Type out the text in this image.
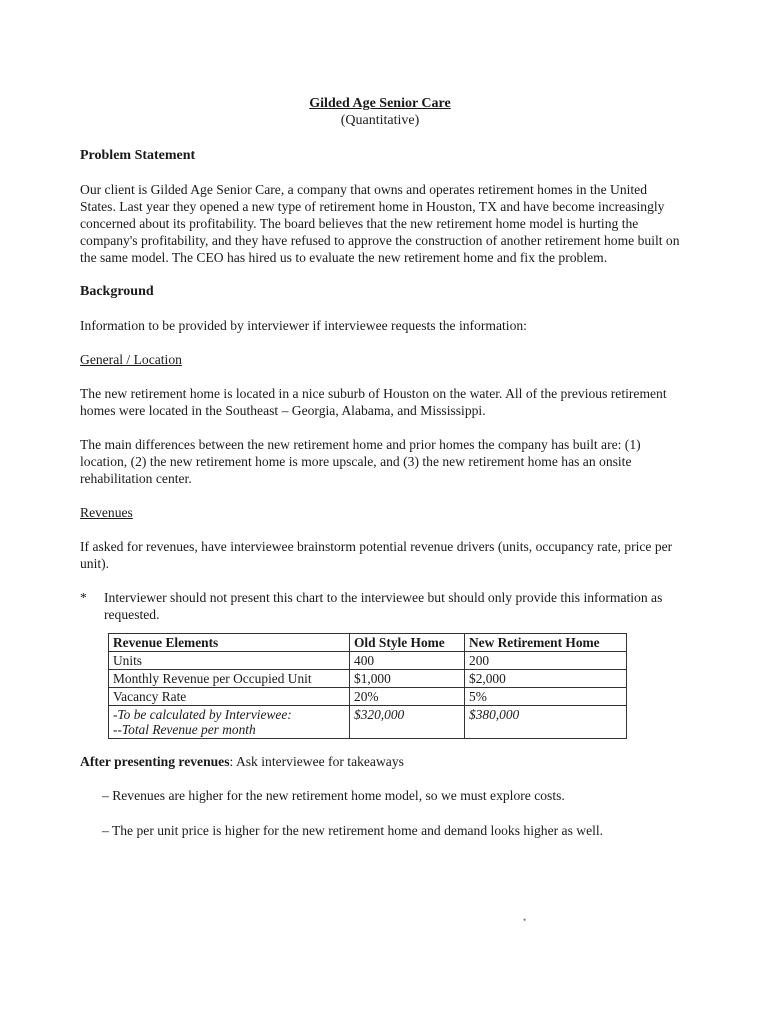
Gilded Age Senior Care
(Quantitative)
Problem Statement

Our client is Gilded Age Senior Care, a company that owns and operates retirement homes in the United States. Last year they opened a new type of retirement home in Houston, TX and have become increasingly concerned about its profitability. The board believes that the new retirement home model is hurting the company's profitability, and they have refused to approve the construction of another retirement home built on the same model. The CEO has hired us to evaluate the new retirement home and fix the problem.

Background

Information to be provided by interviewer if interviewee requests the information:

General / Location

The new retirement home is located in a nice suburb of Houston on the water. All of the previous retirement homes were located in the Southeast – Georgia, Alabama, and Mississippi.

The main differences between the new retirement home and prior homes the company has built are: (1) location, (2) the new retirement home is more upscale, and (3) the new retirement home has an onsite rehabilitation center.

Revenues

If asked for revenues, have interviewee brainstorm potential revenue drivers (units, occupancy rate, price per unit).

*	Interviewer should not present this chart to the interviewee but should only provide this information as requested.
Revenue Elements	Old Style Home	New Retirement Home
Units	400	200
Monthly Revenue per Occupied Unit	$1,000	$2,000
Vacancy Rate	20%	5%
-To be calculated by Interviewee:
--Total Revenue per month	$320,000	$380,000

After presenting revenues: Ask interviewee for takeaways

– Revenues are higher for the new retirement home model, so we must explore costs.
– The per unit price is higher for the new retirement home and demand looks higher as well.
•
